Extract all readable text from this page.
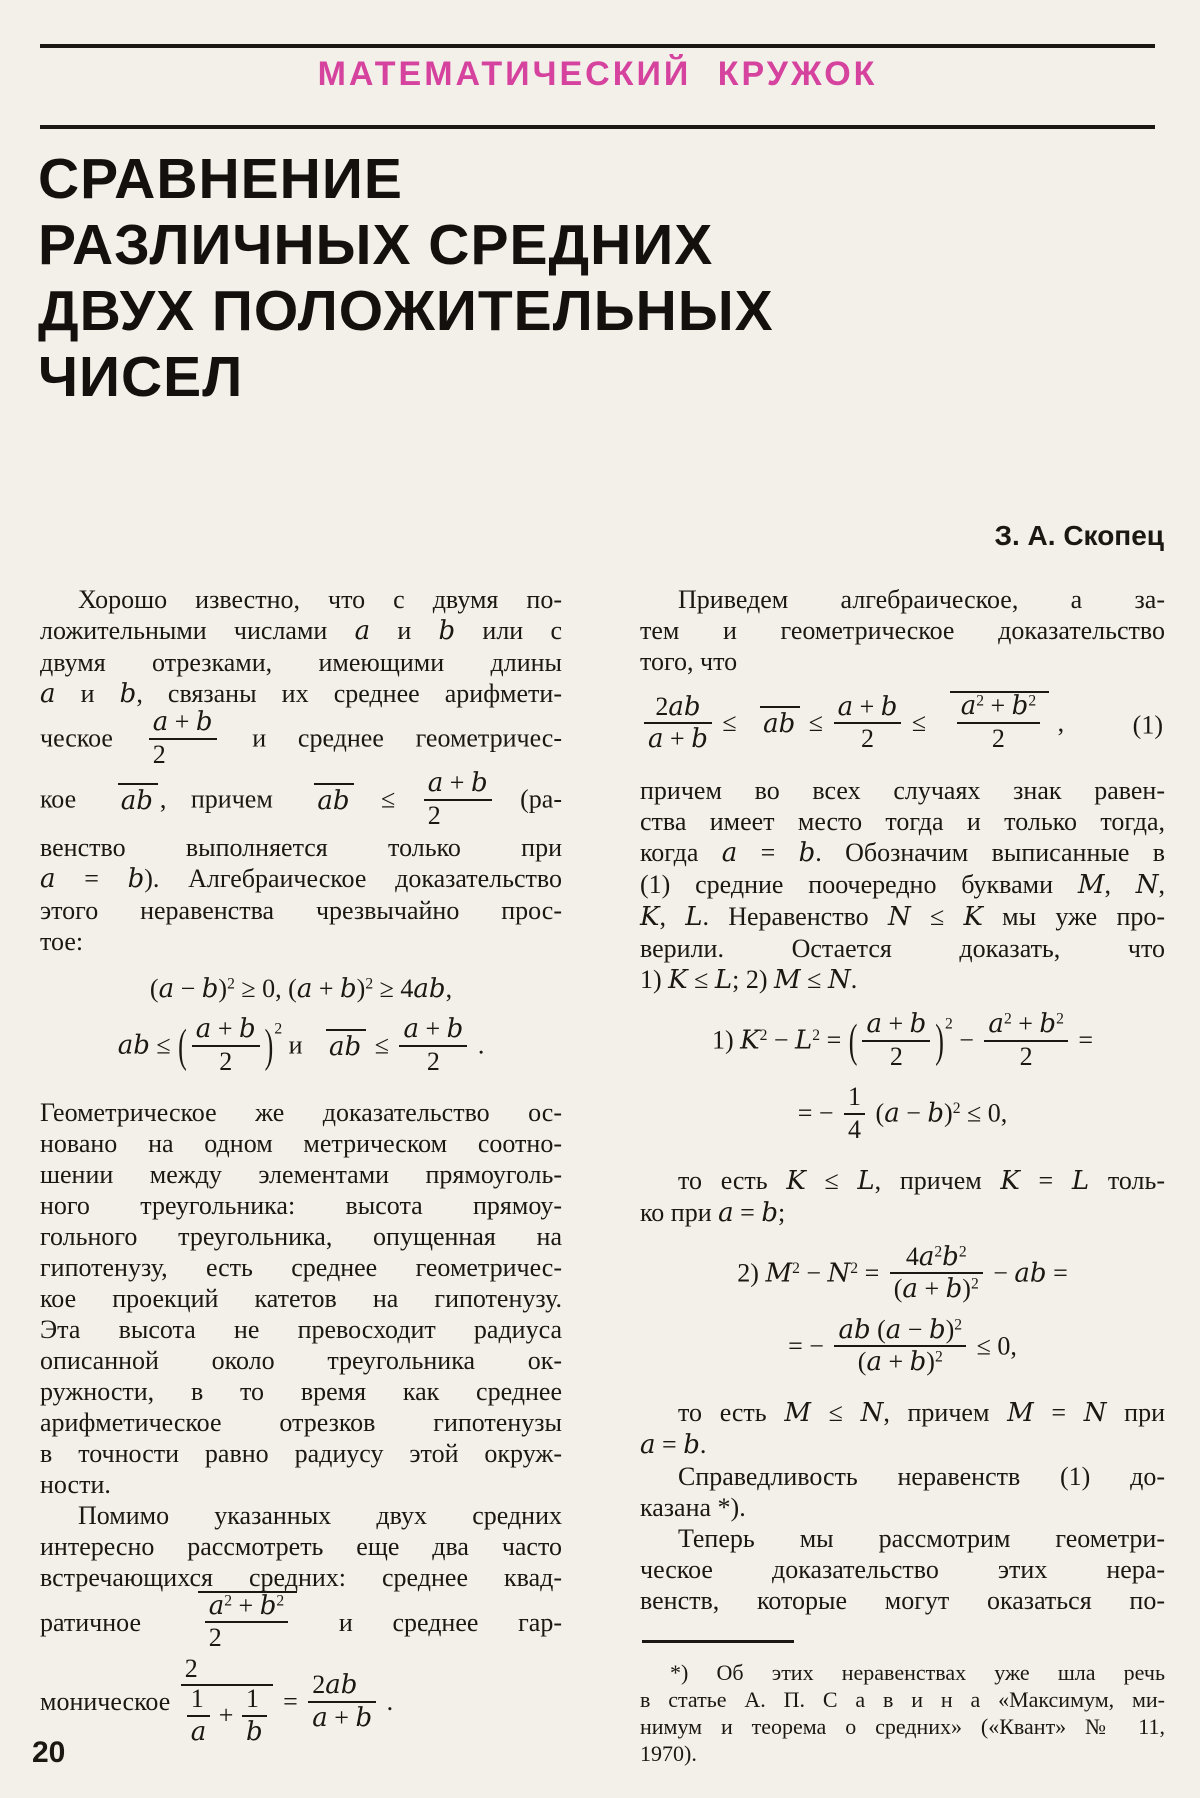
МАТЕМАТИЧЕСКИЙ КРУЖОК
СРАВНЕНИЕ
РАЗЛИЧНЫХ СРЕДНИХ
ДВУХ ПОЛОЖИТЕЛЬНЫХ
ЧИСЕЛ
З. А. Скопец
Хорошо известно, что с двумя по-
ложительными числами a и b или с
двумя отрезками, имеющими длины
a и b, связаны их среднее арифмети-
ческое $\frac{a + b}{2}$ и среднее геометричес-
кое ab , причем ab ≤ $\frac{a + b}{2} (ра-$
венство выполняется только при
a = b). Алгебраическое доказательство
этого неравенства чрезвычайно прос-
тое:
$(a - b)^2 \ge 0$, $(a + b)^2 \ge 4ab$,
ab ≤ ( $\frac{a + b}{2} )^2$ и ab ≤ $\frac{a + b}{2}$ .
Геометрическое же доказательство ос-
новано на одном метрическом соотно-
шении между элементами прямоуголь-
ного треугольника: высота прямоу-
гольного треугольника, опущенная на
гипотенузу, есть среднее геометричес-
кое проекций катетов на гипотенузу.
Эта высота не превосходит радиуса
описанной около треугольника ок-
ружности, в то время как среднее
арифметическое отрезков гипотенузы
в точности равно радиусу этой окруж-
ности.
Помимо указанных двух средних
интересно рассмотреть еще два часто
встречающихся средних: среднее квад-
ратичное $\frac{a^2 + b^2}{2}$ и среднее гар-
моническое $\frac{2}{\frac{1}{a} + \frac{1}{b}} = \frac{2ab}{a + b}$ .
Приведем алгебраическое, а за-
тем и геометрическое доказательство
того, что
$\frac{2ab}{a + b}$ ≤ ab ≤ $\frac{a + b}{2} \le \frac{a^2 + b^2}{2}$ ,	(1)
причем во всех случаях знак равен-
ства имеет место тогда и только тогда,
когда a = b. Обозначим выписанные в
(1) средние поочередно буквами M, N,
K, L. Неравенство N ≤ K мы уже про-
верили. Остается доказать, что
1) K ≤ L; 2) M ≤ N.
1) $K^2 - L^2$ = ( $\frac{a + b}{2} )^2 - \frac{a^2 + b^2}{2}$ =
= − $\frac{1}{4} (a - b)^2 \le 0$,
то есть K ≤ L, причем K = L толь-
ко при a = b;
2) $M^2 - N^2 = \frac{4a^2b^2}{(a + b)^2}$ − ab =
= − $\frac{ab (a - b)^2}{(a + b)^2} \le 0$,
то есть M ≤ N, причем M = N при
a = b.
Справедливость неравенств (1) до-
казана *).
Теперь мы рассмотрим геометри-
ческое доказательство этих нера-
венств, которые могут оказаться по-
*) Об этих неравенствах уже шла речь
в статье А. П. С а в и н а «Максимум, ми-
нимум и теорема о средних» («Квант» № 11,
1970).
20
